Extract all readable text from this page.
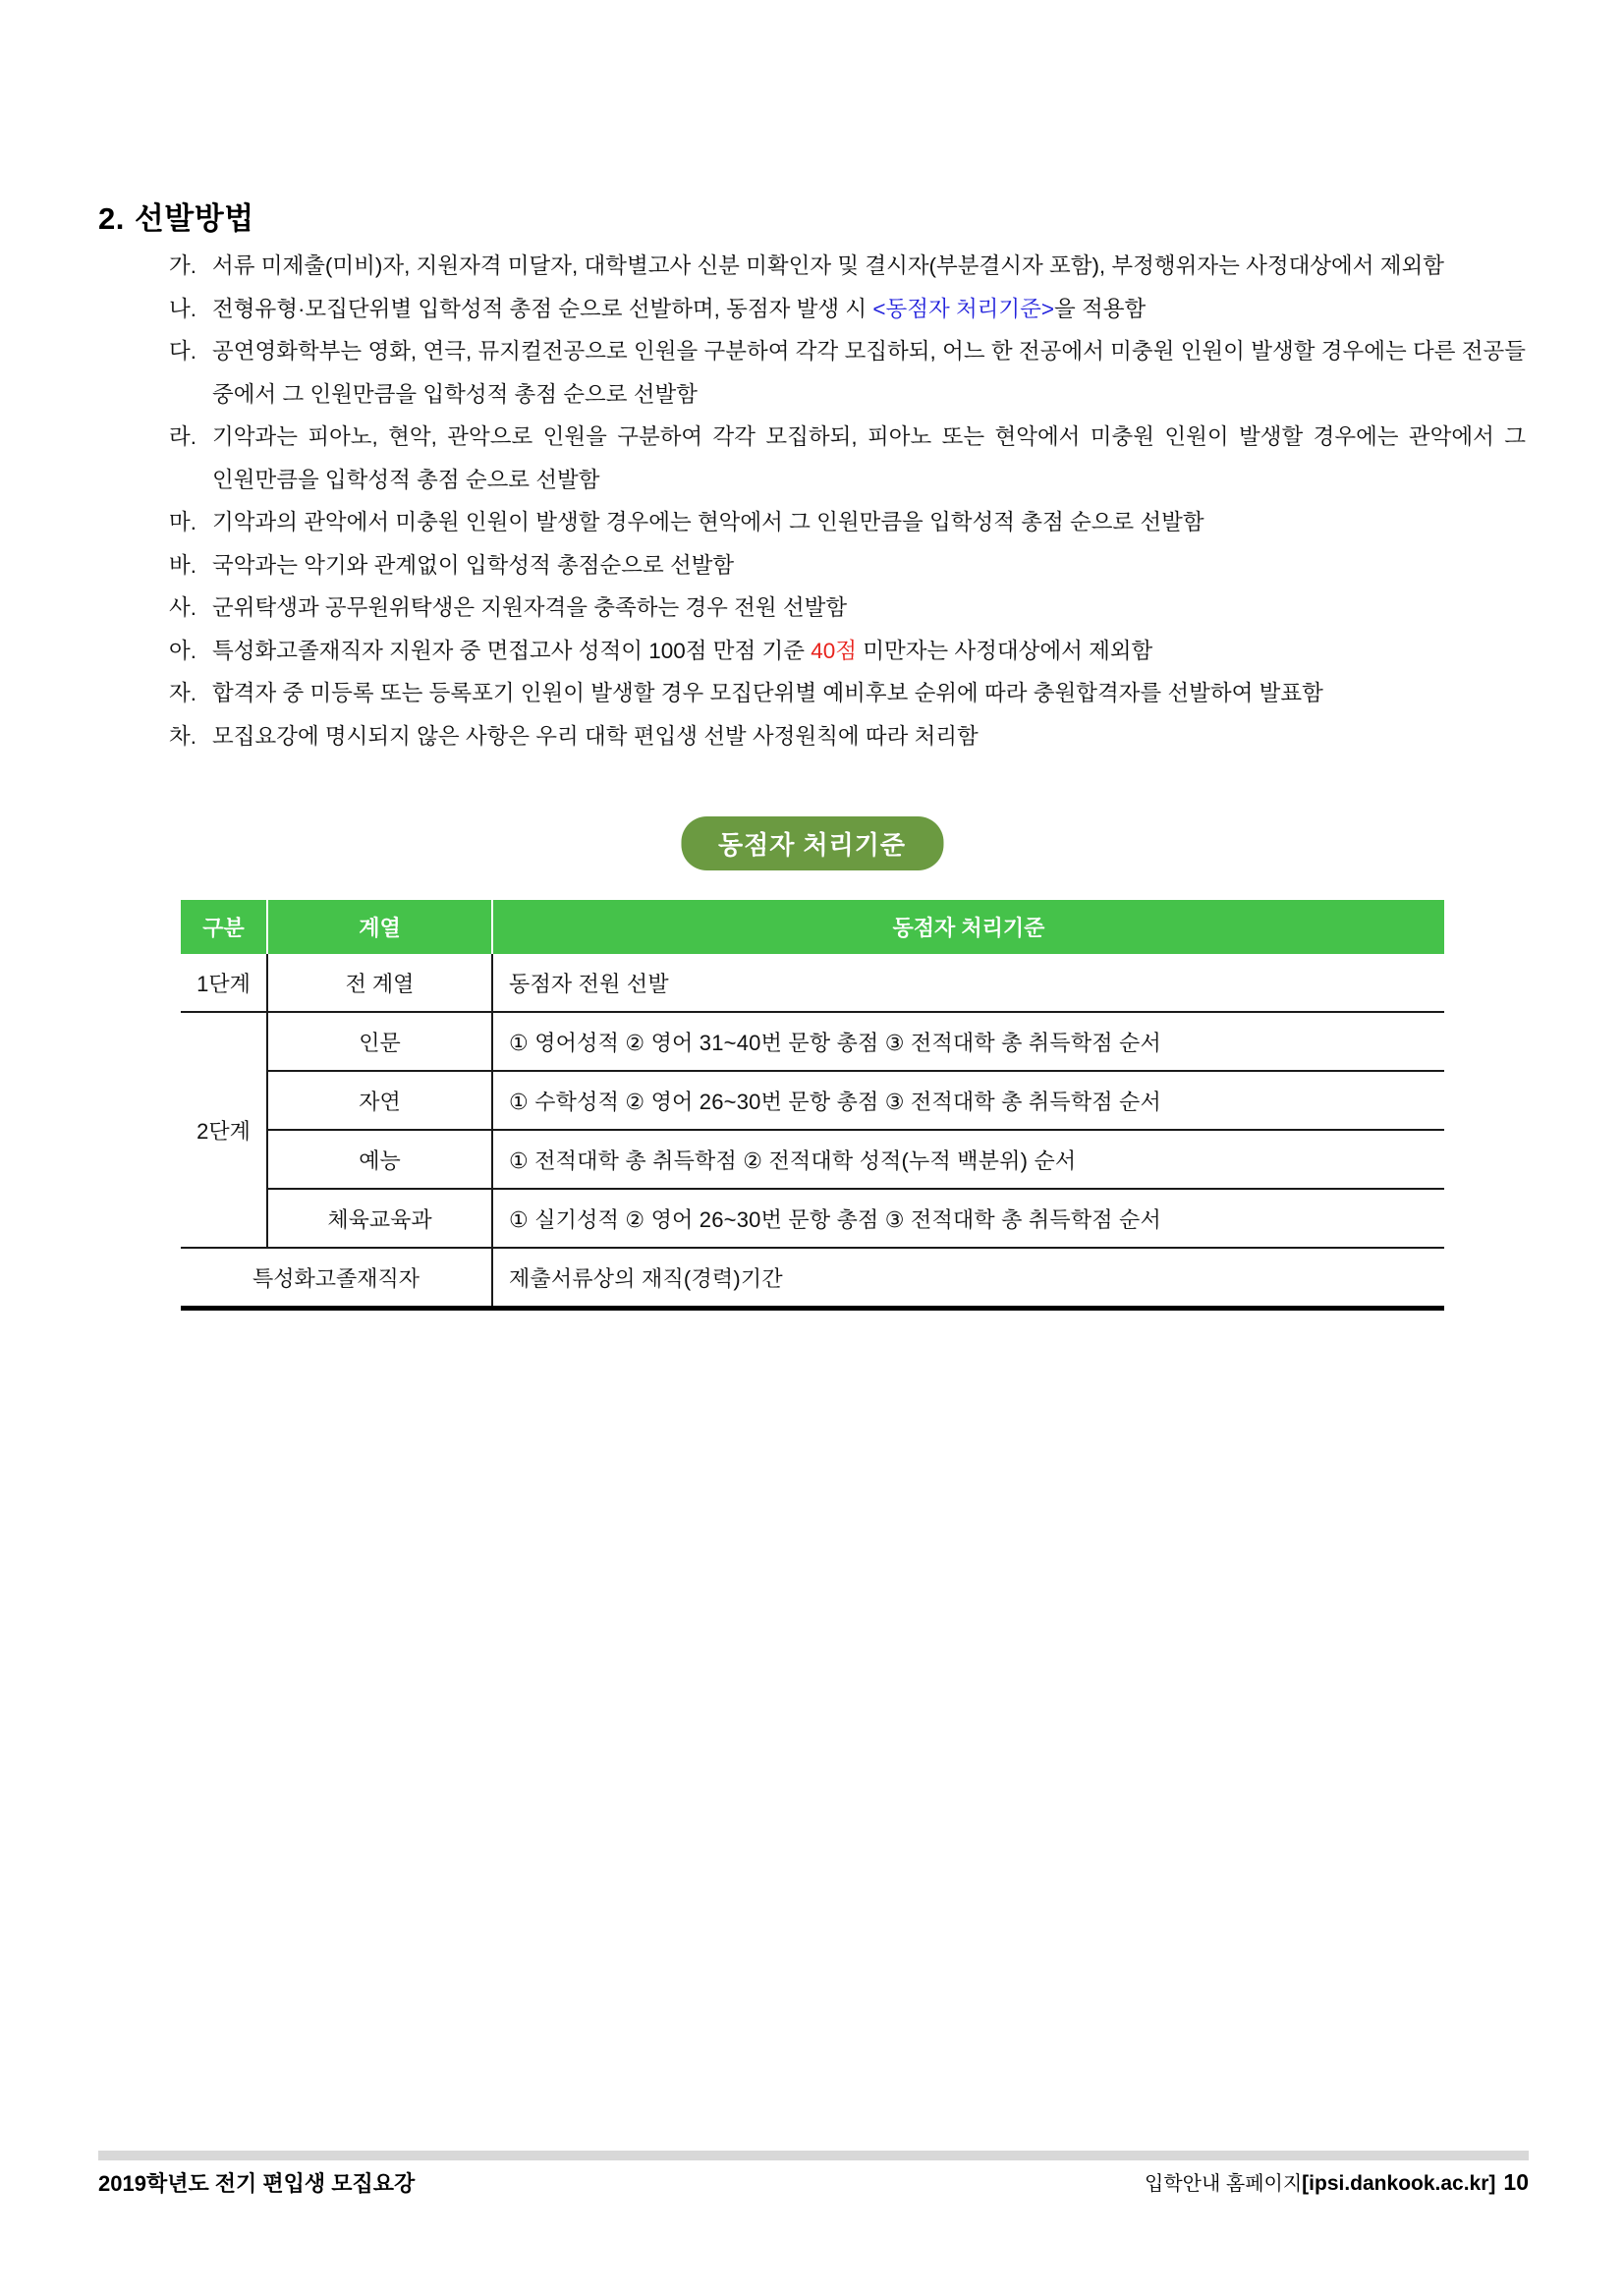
2. 선발방법
가. 서류 미제출(미비)자, 지원자격 미달자, 대학별고사 신분 미확인자 및 결시자(부분결시자 포함), 부정행위자는 사정대상에서 제외함
나. 전형유형·모집단위별 입학성적 총점 순으로 선발하며, 동점자 발생 시 <동점자 처리기준>을 적용함
다. 공연영화학부는 영화, 연극, 뮤지컬전공으로 인원을 구분하여 각각 모집하되, 어느 한 전공에서 미충원 인원이 발생할 경우에는 다른 전공들 중에서 그 인원만큼을 입학성적 총점 순으로 선발함
라. 기악과는 피아노, 현악, 관악으로 인원을 구분하여 각각 모집하되, 피아노 또는 현악에서 미충원 인원이 발생할 경우에는 관악에서 그 인원만큼을 입학성적 총점 순으로 선발함
마. 기악과의 관악에서 미충원 인원이 발생할 경우에는 현악에서 그 인원만큼을 입학성적 총점 순으로 선발함
바. 국악과는 악기와 관계없이 입학성적 총점순으로 선발함
사. 군위탁생과 공무원위탁생은 지원자격을 충족하는 경우 전원 선발함
아. 특성화고졸재직자 지원자 중 면접고사 성적이 100점 만점 기준 40점 미만자는 사정대상에서 제외함
자. 합격자 중 미등록 또는 등록포기 인원이 발생할 경우 모집단위별 예비후보 순위에 따라 충원합격자를 선발하여 발표함
차. 모집요강에 명시되지 않은 사항은 우리 대학 편입생 선발 사정원칙에 따라 처리함
동점자 처리기준
구분	계열	동점자 처리기준
1단계	전 계열	동점자 전원 선발
2단계	인문	① 영어성적 ② 영어 31~40번 문항 총점 ③ 전적대학 총 취득학점 순서
	자연	① 수학성적 ② 영어 26~30번 문항 총점 ③ 전적대학 총 취득학점 순서
	예능	① 전적대학 총 취득학점 ② 전적대학 성적(누적 백분위) 순서
	체육교육과	① 실기성적 ② 영어 26~30번 문항 총점 ③ 전적대학 총 취득학점 순서
특성화고졸재직자		제출서류상의 재직(경력)기간
2019학년도 전기 편입생 모집요강	입학안내 홈페이지[ipsi.dankook.ac.kr] 10
